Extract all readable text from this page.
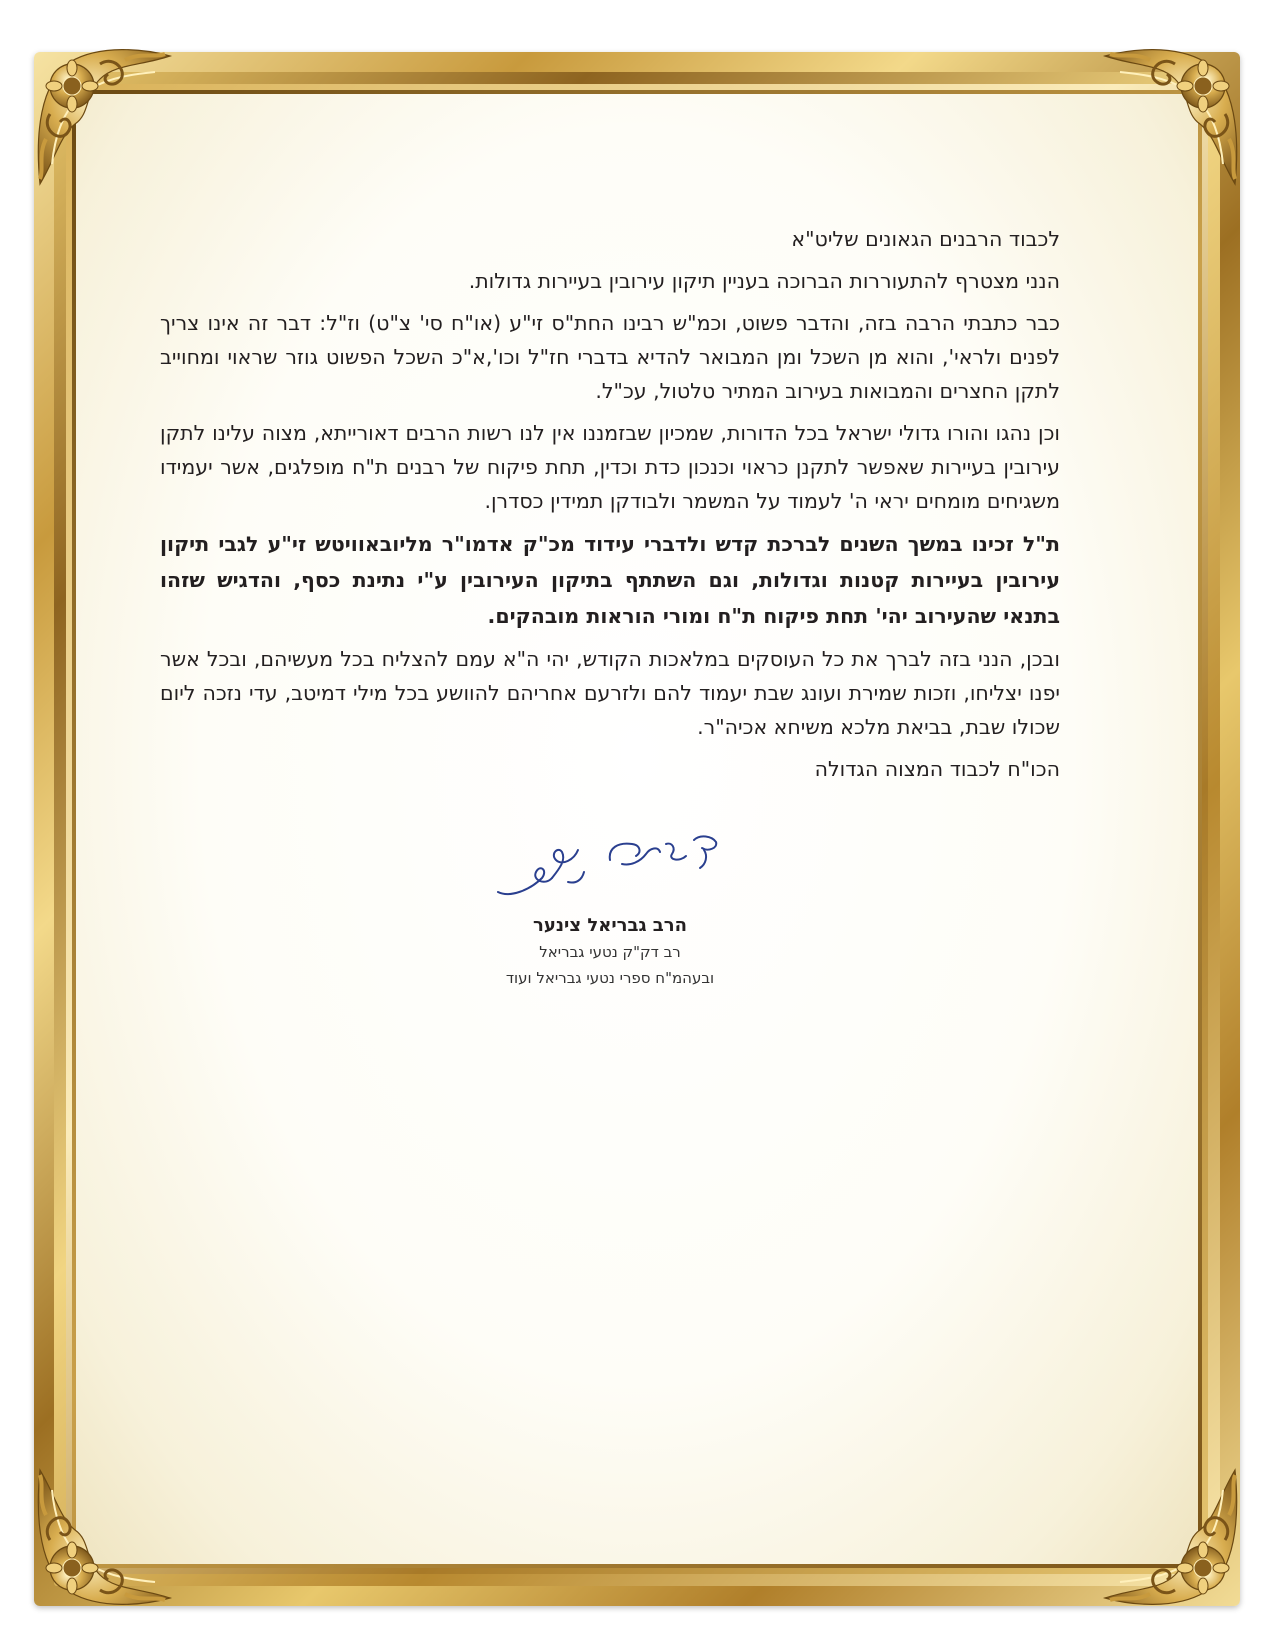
לכבוד הרבנים הגאונים שליט"א

הנני מצטרף להתעוררות הברוכה בעניין תיקון עירובין בעיירות גדולות.

כבר כתבתי הרבה בזה, והדבר פשוט, וכמ"ש רבינו החת"ס זי"ע (או"ח סי' צ"ט) וז"ל: דבר זה אינו צריך לפנים ולראי', והוא מן השכל ומן המבואר להדיא בדברי חז"ל וכו',א"כ השכל הפשוט גוזר שראוי ומחוייב לתקן החצרים והמבואות בעירוב המתיר טלטול, עכ"ל.

וכן נהגו והורו גדולי ישראל בכל הדורות, שמכיון שבזמננו אין לנו רשות הרבים דאורייתא, מצוה עלינו לתקן עירובין בעיירות שאפשר לתקנן כראוי וכנכון כדת וכדין, תחת פיקוח של רבנים ת"ח מופלגים, אשר יעמידו משגיחים מומחים יראי ה' לעמוד על המשמר ולבודקן תמידין כסדרן.

ת"ל זכינו במשך השנים לברכת קדש ולדברי עידוד מכ"ק אדמו"ר מליובאוויטש זי"ע לגבי תיקון עירובין בעיירות קטנות וגדולות, וגם השתתף בתיקון העירובין ע"י נתינת כסף, והדגיש שזהו בתנאי שהעירוב יהי' תחת פיקוח ת"ח ומורי הוראות מובהקים.

ובכן, הנני בזה לברך את כל העוסקים במלאכות הקודש, יהי ה"א עמם להצליח בכל מעשיהם, ובכל אשר יפנו יצליחו, וזכות שמירת ועונג שבת יעמוד להם ולזרעם אחריהם להוושע בכל מילי דמיטב, עדי נזכה ליום שכולו שבת, בביאת מלכא משיחא אכיה"ר.

הכו"ח לכבוד המצוה הגדולה

הרב גבריאל צינער
רב דק"ק נטעי גבריאל
ובעהמ"ח ספרי נטעי גבריאל ועוד
